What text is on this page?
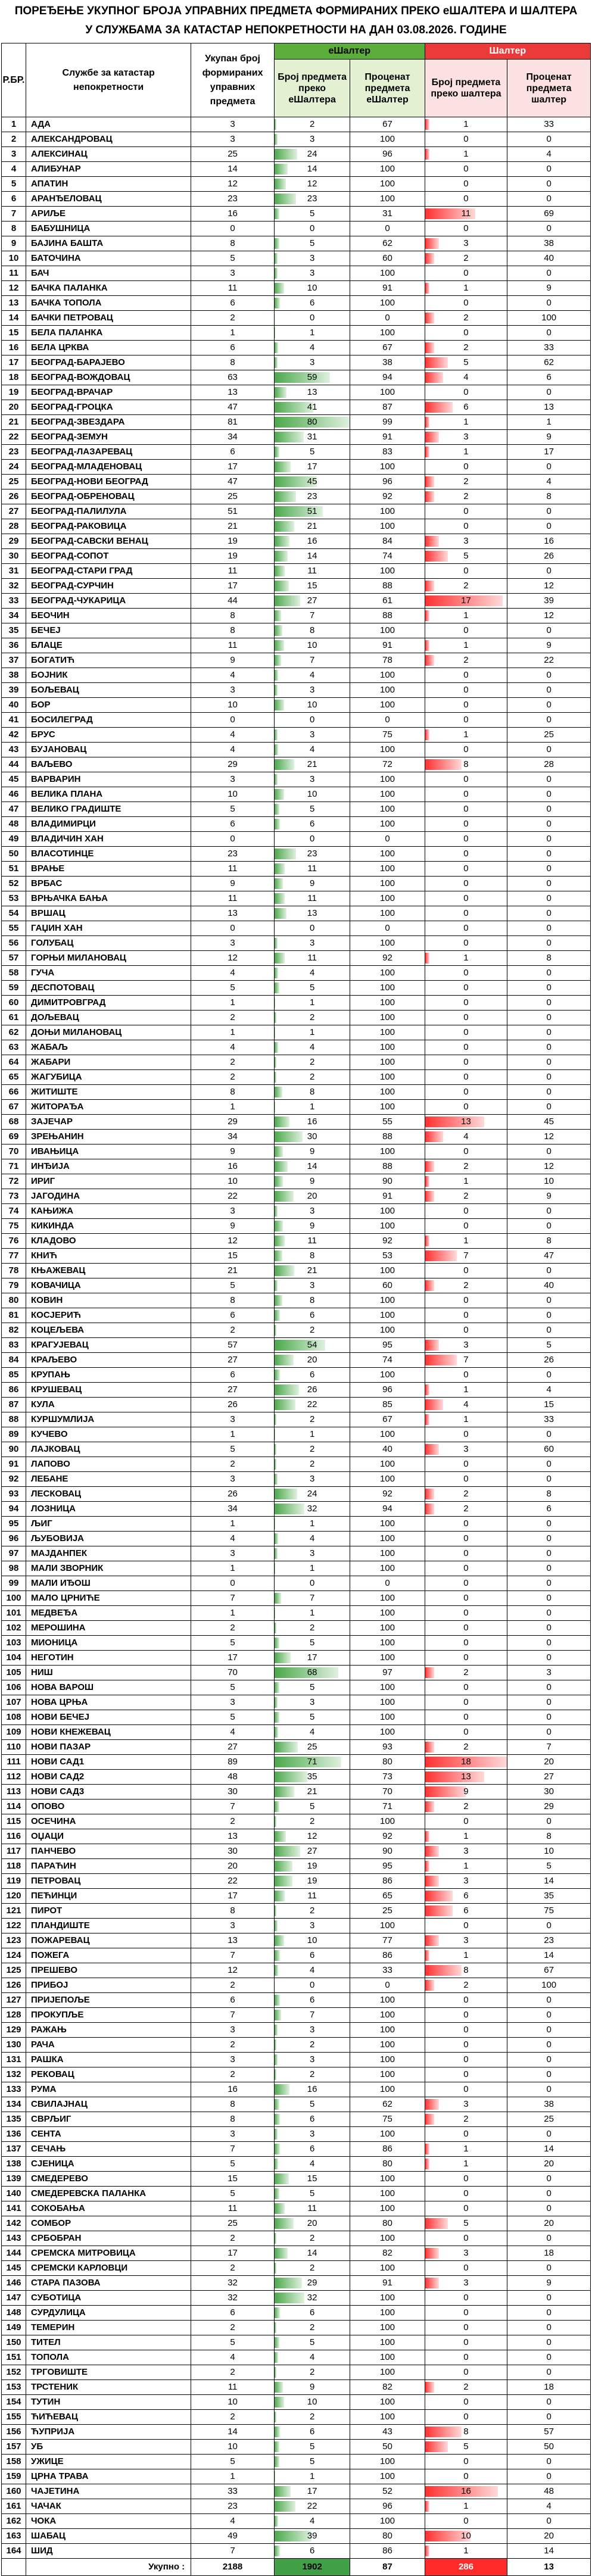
ПОРЕЂЕЊЕ УКУПНОГ БРОЈА УПРАВНИХ ПРЕДМЕТА ФОРМИРАНИХ ПРЕКО еШАЛТЕРА И ШАЛТЕРА У СЛУЖБАМА ЗА КАТАСТАР НЕПОКРЕТНОСТИ НА ДАН 03.08.2026. ГОДИНЕ
Р.БР.	Службе за катастар непокретности	Укупан број формираних управних предмета	еШалтер		Шалтер	
			Број предмета преко еШалтера	Проценат предмета еШалтер	Број предмета преко шалтера	Проценат предмета шалтер
1	АДА	3	2	67	1	33
2	АЛЕКСАНДРОВАЦ	3	3	100	0	0
3	АЛЕКСИНАЦ	25	24	96	1	4
4	АЛИБУНАР	14	14	100	0	0
5	АПАТИН	12	12	100	0	0
6	АРАНЂЕЛОВАЦ	23	23	100	0	0
7	АРИЉЕ	16	5	31	11	69
8	БАБУШНИЦА	0	0	0	0	0
9	БАЈИНА БАШТА	8	5	62	3	38
10	БАТОЧИНА	5	3	60	2	40
11	БАЧ	3	3	100	0	0
12	БАЧКА ПАЛАНКА	11	10	91	1	9
13	БАЧКА ТОПОЛА	6	6	100	0	0
14	БАЧКИ ПЕТРОВАЦ	2	0	0	2	100
15	БЕЛА ПАЛАНКА	1	1	100	0	0
16	БЕЛА ЦРКВА	6	4	67	2	33
17	БЕОГРАД-БАРАЈЕВО	8	3	38	5	62
18	БЕОГРАД-ВОЖДОВАЦ	63	59	94	4	6
19	БЕОГРАД-ВРАЧАР	13	13	100	0	0
20	БЕОГРАД-ГРОЦКА	47	41	87	6	13
21	БЕОГРАД-ЗВЕЗДАРА	81	80	99	1	1
22	БЕОГРАД-ЗЕМУН	34	31	91	3	9
23	БЕОГРАД-ЛАЗАРЕВАЦ	6	5	83	1	17
24	БЕОГРАД-МЛАДЕНОВАЦ	17	17	100	0	0
25	БЕОГРАД-НОВИ БЕОГРАД	47	45	96	2	4
26	БЕОГРАД-ОБРЕНОВАЦ	25	23	92	2	8
27	БЕОГРАД-ПАЛИЛУЛА	51	51	100	0	0
28	БЕОГРАД-РАКОВИЦА	21	21	100	0	0
29	БЕОГРАД-САВСКИ ВЕНАЦ	19	16	84	3	16
30	БЕОГРАД-СОПОТ	19	14	74	5	26
31	БЕОГРАД-СТАРИ ГРАД	11	11	100	0	0
32	БЕОГРАД-СУРЧИН	17	15	88	2	12
33	БЕОГРАД-ЧУКАРИЦА	44	27	61	17	39
34	БЕОЧИН	8	7	88	1	12
35	БЕЧЕЈ	8	8	100	0	0
36	БЛАЦЕ	11	10	91	1	9
37	БОГАТИЋ	9	7	78	2	22
38	БОЈНИК	4	4	100	0	0
39	БОЉЕВАЦ	3	3	100	0	0
40	БОР	10	10	100	0	0
41	БОСИЛЕГРАД	0	0	0	0	0
42	БРУС	4	3	75	1	25
43	БУЈАНОВАЦ	4	4	100	0	0
44	ВАЉЕВО	29	21	72	8	28
45	ВАРВАРИН	3	3	100	0	0
46	ВЕЛИКА ПЛАНА	10	10	100	0	0
47	ВЕЛИКО ГРАДИШТЕ	5	5	100	0	0
48	ВЛАДИМИРЦИ	6	6	100	0	0
49	ВЛАДИЧИН ХАН	0	0	0	0	0
50	ВЛАСОТИНЦЕ	23	23	100	0	0
51	ВРАЊЕ	11	11	100	0	0
52	ВРБАС	9	9	100	0	0
53	ВРЊАЧКА БАЊА	11	11	100	0	0
54	ВРШАЦ	13	13	100	0	0
55	ГАЏИН ХАН	0	0	0	0	0
56	ГОЛУБАЦ	3	3	100	0	0
57	ГОРЊИ МИЛАНОВАЦ	12	11	92	1	8
58	ГУЧА	4	4	100	0	0
59	ДЕСПОТОВАЦ	5	5	100	0	0
60	ДИМИТРОВГРАД	1	1	100	0	0
61	ДОЉЕВАЦ	2	2	100	0	0
62	ДОЊИ МИЛАНОВАЦ	1	1	100	0	0
63	ЖАБАЉ	4	4	100	0	0
64	ЖАБАРИ	2	2	100	0	0
65	ЖАГУБИЦА	2	2	100	0	0
66	ЖИТИШТЕ	8	8	100	0	0
67	ЖИТОРАЂА	1	1	100	0	0
68	ЗАЈЕЧАР	29	16	55	13	45
69	ЗРЕЊАНИН	34	30	88	4	12
70	ИВАЊИЦА	9	9	100	0	0
71	ИНЂИЈА	16	14	88	2	12
72	ИРИГ	10	9	90	1	10
73	ЈАГОДИНА	22	20	91	2	9
74	КАЊИЖА	3	3	100	0	0
75	КИКИНДА	9	9	100	0	0
76	КЛАДОВО	12	11	92	1	8
77	КНИЋ	15	8	53	7	47
78	КЊАЖЕВАЦ	21	21	100	0	0
79	КОВАЧИЦА	5	3	60	2	40
80	КОВИН	8	8	100	0	0
81	КОСЈЕРИЋ	6	6	100	0	0
82	КОЦЕЉЕВА	2	2	100	0	0
83	КРАГУЈЕВАЦ	57	54	95	3	5
84	КРАЉЕВО	27	20	74	7	26
85	КРУПАЊ	6	6	100	0	0
86	КРУШЕВАЦ	27	26	96	1	4
87	КУЛА	26	22	85	4	15
88	КУРШУМЛИЈА	3	2	67	1	33
89	КУЧЕВО	1	1	100	0	0
90	ЛАЈКОВАЦ	5	2	40	3	60
91	ЛАПОВО	2	2	100	0	0
92	ЛЕБАНЕ	3	3	100	0	0
93	ЛЕСКОВАЦ	26	24	92	2	8
94	ЛОЗНИЦА	34	32	94	2	6
95	ЉИГ	1	1	100	0	0
96	ЉУБОВИЈА	4	4	100	0	0
97	МАЈДАНПЕК	3	3	100	0	0
98	МАЛИ ЗВОРНИК	1	1	100	0	0
99	МАЛИ ИЂОШ	0	0	0	0	0
100	МАЛО ЦРНИЋЕ	7	7	100	0	0
101	МЕДВЕЂА	1	1	100	0	0
102	МЕРОШИНА	2	2	100	0	0
103	МИОНИЦА	5	5	100	0	0
104	НЕГОТИН	17	17	100	0	0
105	НИШ	70	68	97	2	3
106	НОВА ВАРОШ	5	5	100	0	0
107	НОВА ЦРЊА	3	3	100	0	0
108	НОВИ БЕЧЕЈ	5	5	100	0	0
109	НОВИ КНЕЖЕВАЦ	4	4	100	0	0
110	НОВИ ПАЗАР	27	25	93	2	7
111	НОВИ САД1	89	71	80	18	20
112	НОВИ САД2	48	35	73	13	27
113	НОВИ САД3	30	21	70	9	30
114	ОПОВО	7	5	71	2	29
115	ОСЕЧИНА	2	2	100	0	0
116	ОЏАЦИ	13	12	92	1	8
117	ПАНЧЕВО	30	27	90	3	10
118	ПАРАЋИН	20	19	95	1	5
119	ПЕТРОВАЦ	22	19	86	3	14
120	ПЕЋИНЦИ	17	11	65	6	35
121	ПИРОТ	8	2	25	6	75
122	ПЛАНДИШТЕ	3	3	100	0	0
123	ПОЖАРЕВАЦ	13	10	77	3	23
124	ПОЖЕГА	7	6	86	1	14
125	ПРЕШЕВО	12	4	33	8	67
126	ПРИБОЈ	2	0	0	2	100
127	ПРИЈЕПОЉЕ	6	6	100	0	0
128	ПРОКУПЉЕ	7	7	100	0	0
129	РАЖАЊ	3	3	100	0	0
130	РАЧА	2	2	100	0	0
131	РАШКА	3	3	100	0	0
132	РЕКОВАЦ	2	2	100	0	0
133	РУМА	16	16	100	0	0
134	СВИЛАЈНАЦ	8	5	62	3	38
135	СВРЉИГ	8	6	75	2	25
136	СЕНТА	3	3	100	0	0
137	СЕЧАЊ	7	6	86	1	14
138	СЈЕНИЦА	5	4	80	1	20
139	СМЕДЕРЕВО	15	15	100	0	0
140	СМЕДЕРЕВСКА ПАЛАНКА	5	5	100	0	0
141	СОКОБАЊА	11	11	100	0	0
142	СОМБОР	25	20	80	5	20
143	СРБОБРАН	2	2	100	0	0
144	СРЕМСКА МИТРОВИЦА	17	14	82	3	18
145	СРЕМСКИ КАРЛОВЦИ	2	2	100	0	0
146	СТАРА ПАЗОВА	32	29	91	3	9
147	СУБОТИЦА	32	32	100	0	0
148	СУРДУЛИЦА	6	6	100	0	0
149	ТЕМЕРИН	2	2	100	0	0
150	ТИТЕЛ	5	5	100	0	0
151	ТОПОЛА	4	4	100	0	0
152	ТРГОВИШТЕ	2	2	100	0	0
153	ТРСТЕНИК	11	9	82	2	18
154	ТУТИН	10	10	100	0	0
155	ЋИЋЕВАЦ	2	2	100	0	0
156	ЋУПРИЈА	14	6	43	8	57
157	УБ	10	5	50	5	50
158	УЖИЦЕ	5	5	100	0	0
159	ЦРНА ТРАВА	1	1	100	0	0
160	ЧАЈЕТИНА	33	17	52	16	48
161	ЧАЧАК	23	22	96	1	4
162	ЧОКА	4	4	100	0	0
163	ШАБАЦ	49	39	80	10	20
164	ШИД	7	6	86	1	14
	Укупно :	2188	1902	87	286	13
